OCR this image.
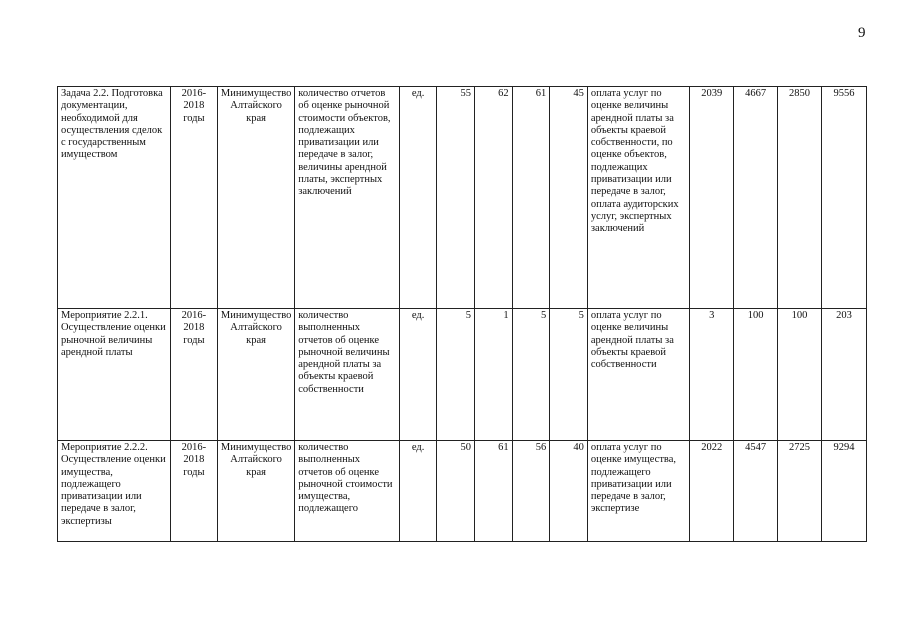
9
Задача 2.2. Подготовка документации, необходимой для осуществления сделок с государственным имуществом	2016-2018 годы	Минимущество Алтайского края	количество отчетов об оценке рыночной стоимости объектов, подлежащих приватизации или передаче в залог, величины арендной платы, экспертных заключений	ед.	55	62	61	45	оплата услуг по оценке величины арендной платы за объекты краевой собственности, по оценке объектов, подлежащих приватизации или передаче в залог, оплата аудиторских услуг, экспертных заключений	2039	4667	2850	9556
Мероприятие 2.2.1. Осуществление оценки рыночной величины арендной платы	2016-2018 годы	Минимущество Алтайского края	количество выполненных отчетов об оценке рыночной величины арендной платы за объекты краевой собственности	ед.	5	1	5	5	оплата услуг по оценке величины арендной платы за объекты краевой собственности	3	100	100	203
Мероприятие 2.2.2. Осуществление оценки имущества, подлежащего приватизации или передаче в залог, экспертизы	2016-2018 годы	Минимущество Алтайского края	количество выполненных отчетов об оценке рыночной стоимости имущества, подлежащего	ед.	50	61	56	40	оплата услуг по оценке имущества, подлежащего приватизации или передаче в залог, экспертизе	2022	4547	2725	9294
